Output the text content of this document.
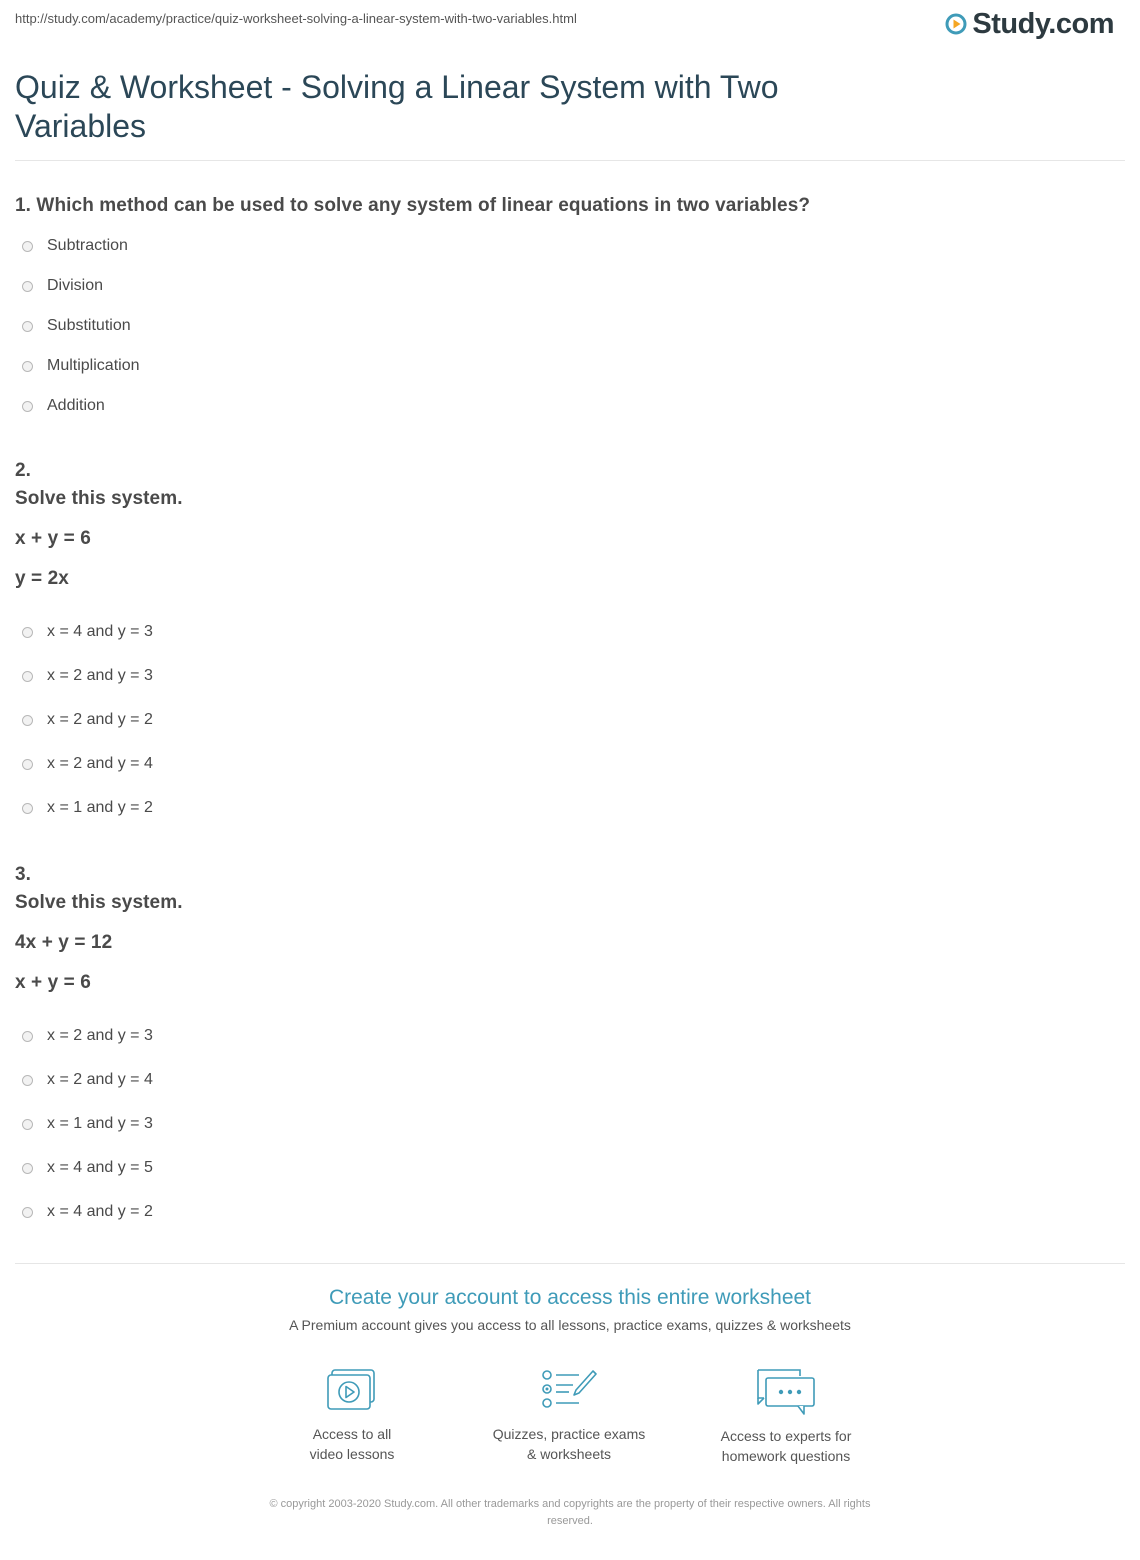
http://study.com/academy/practice/quiz-worksheet-solving-a-linear-system-with-two-variables.html	Study.com
Quiz & Worksheet - Solving a Linear System with Two Variables
1. Which method can be used to solve any system of linear equations in two variables?
Subtraction
Division
Substitution
Multiplication
Addition
2.
Solve this system.
x + y = 6
y = 2x
x = 4 and y = 3
x = 2 and y = 3
x = 2 and y = 2
x = 2 and y = 4
x = 1 and y = 2
3.
Solve this system.
4x + y = 12
x + y = 6
x = 2 and y = 3
x = 2 and y = 4
x = 1 and y = 3
x = 4 and y = 5
x = 4 and y = 2
Create your account to access this entire worksheet
A Premium account gives you access to all lessons, practice exams, quizzes & worksheets
Access to all
video lessons
Quizzes, practice exams
& worksheets
Access to experts for
homework questions
© copyright 2003-2020 Study.com. All other trademarks and copyrights are the property of their respective owners. All rights
reserved.
